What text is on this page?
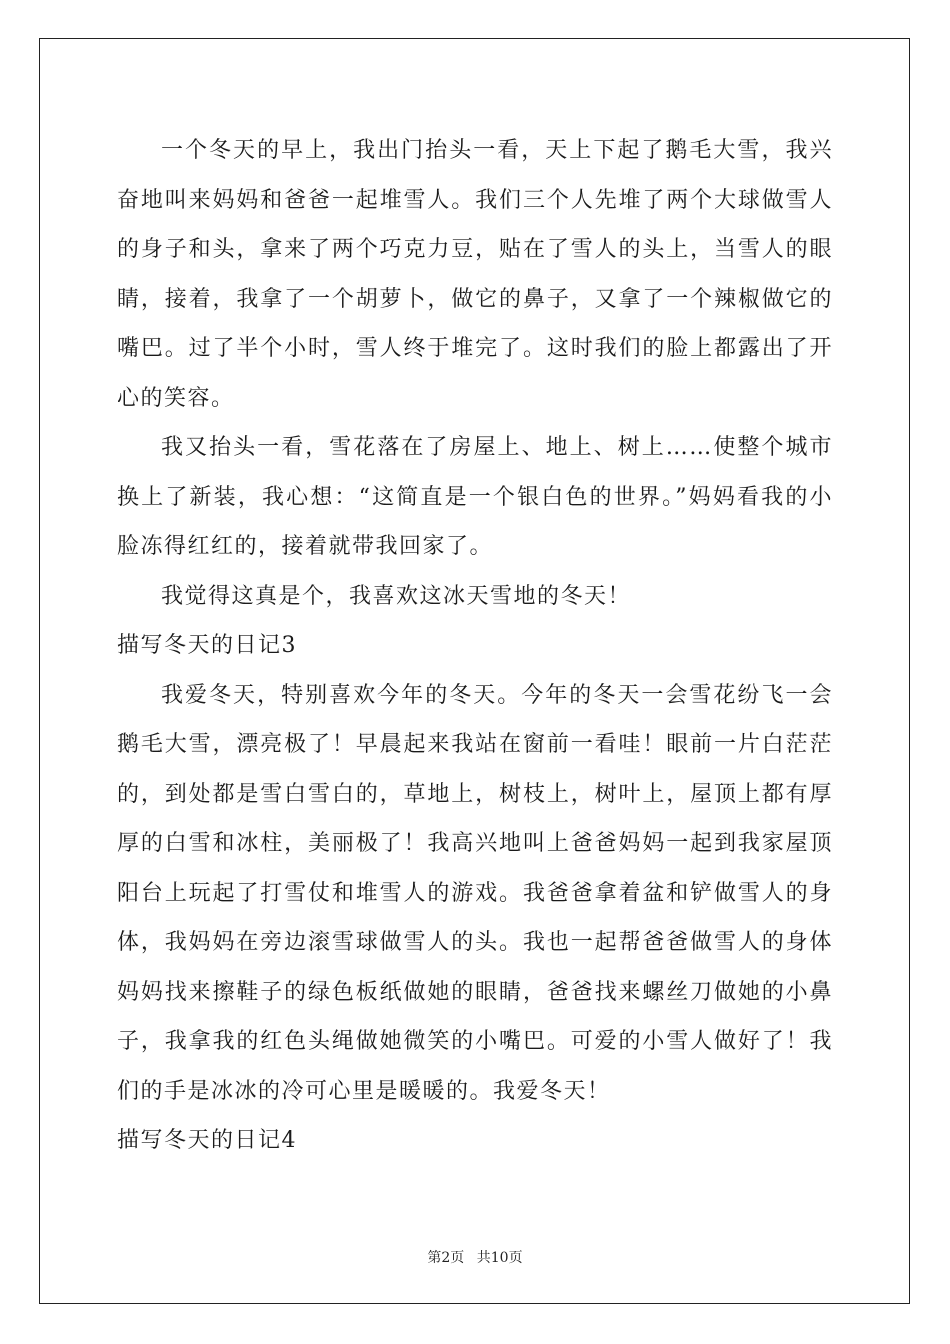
一个冬天的早上，我出门抬头一看，天上下起了鹅毛大雪，我兴奋地叫来妈妈和爸爸一起堆雪人。我们三个人先堆了两个大球做雪人的身子和头，拿来了两个巧克力豆，贴在了雪人的头上，当雪人的眼睛，接着，我拿了一个胡萝卜，做它的鼻子，又拿了一个辣椒做它的嘴巴。过了半个小时，雪人终于堆完了。这时我们的脸上都露出了开心的笑容。

我又抬头一看，雪花落在了房屋上、地上、树上……使整个城市换上了新装，我心想：“这简直是一个银白色的世界。”妈妈看我的小脸冻得红红的，接着就带我回家了。

我觉得这真是个，我喜欢这冰天雪地的冬天！

描写冬天的日记3

我爱冬天，特别喜欢今年的冬天。今年的冬天一会雪花纷飞一会鹅毛大雪，漂亮极了！早晨起来我站在窗前一看哇！眼前一片白茫茫的，到处都是雪白雪白的，草地上，树枝上，树叶上，屋顶上都有厚厚的白雪和冰柱，美丽极了！我高兴地叫上爸爸妈妈一起到我家屋顶阳台上玩起了打雪仗和堆雪人的游戏。我爸爸拿着盆和铲做雪人的身体，我妈妈在旁边滚雪球做雪人的头。我也一起帮爸爸做雪人的身体妈妈找来擦鞋子的绿色板纸做她的眼睛，爸爸找来螺丝刀做她的小鼻子，我拿我的红色头绳做她微笑的小嘴巴。可爱的小雪人做好了！我们的手是冰冰的冷可心里是暖暖的。我爱冬天！

描写冬天的日记4

第2页 共10页
